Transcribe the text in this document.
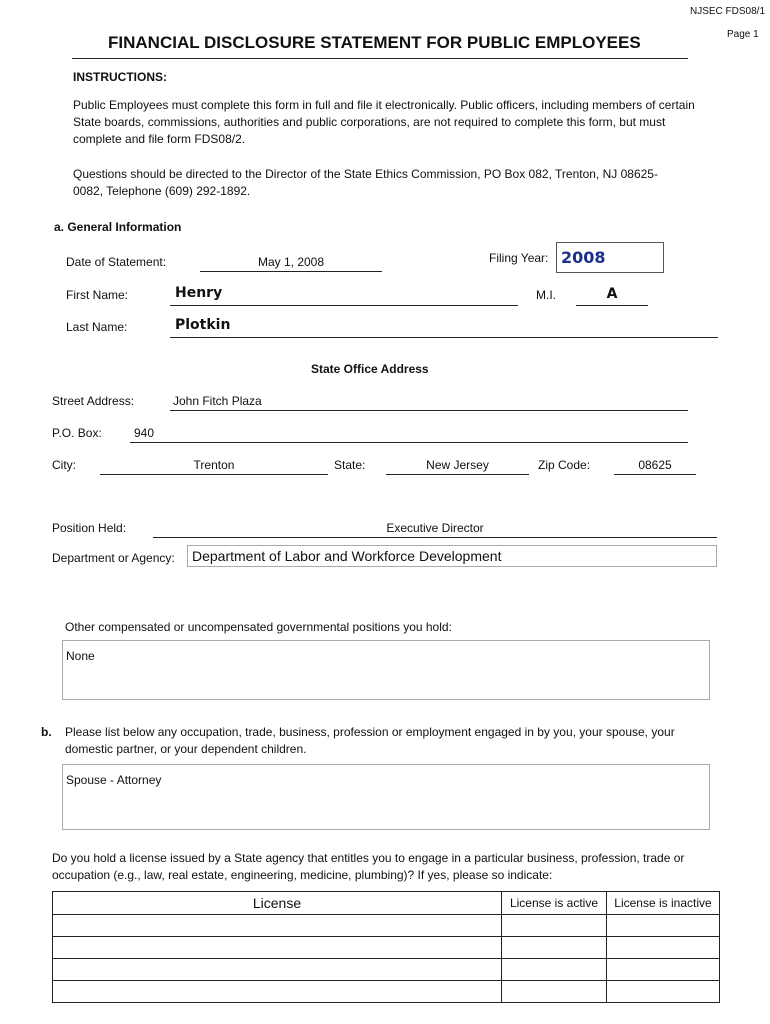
NJSEC FDS08/1
Page 1
FINANCIAL DISCLOSURE STATEMENT FOR PUBLIC EMPLOYEES
INSTRUCTIONS:
Public Employees must complete this form in full and file it electronically. Public officers, including members of certain State boards, commissions, authorities and public corporations, are not required to complete this form, but must complete and file form FDS08/2.
Questions should be directed to the Director of the State Ethics Commission, PO Box 082, Trenton, NJ 08625-0082, Telephone (609) 292-1892.
a. General Information
Date of Statement:	May 1, 2008	Filing Year: 2008
First Name:	Henry	M.I.	A
Last Name:	Plotkin
State Office Address
Street Address:	John Fitch Plaza
P.O. Box:	940
City:	Trenton	State:	New Jersey	Zip Code:	08625
Position Held:	Executive Director
Department or Agency: Department of Labor and Workforce Development
Other compensated or uncompensated governmental positions you hold:
None
b. Please list below any occupation, trade, business, profession or employment engaged in by you, your spouse, your domestic partner, or your dependent children.
Spouse - Attorney
Do you hold a license issued by a State agency that entitles you to engage in a particular business, profession, trade or occupation (e.g., law, real estate, engineering, medicine, plumbing)? If yes, please so indicate:
License	License is active	License is inactive
